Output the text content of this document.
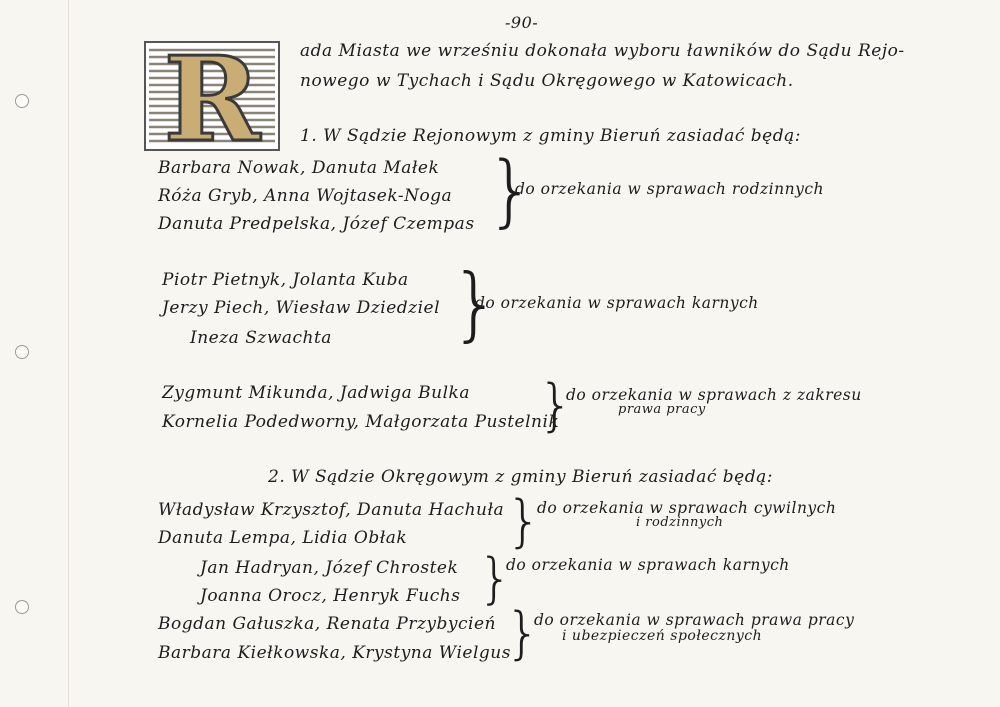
-90-
R ada Miasta we wrześniu dokonała wyboru ławników do Sądu Rejo-
nowego w Tychach i Sądu Okręgowego w Katowicach.
1. W Sądzie Rejonowym z gminy Bieruń zasiadać będą:
Barbara Nowak, Danuta Małek
Róża Gryb, Anna Wojtasek-Noga
Danuta Predpelska, Józef Czempas }
do orzekania w sprawach rodzinnych
Piotr Pietnyk, Jolanta Kuba
Jerzy Piech, Wiesław Dziedziel
Ineza Szwachta }
do orzekania w sprawach karnych
Zygmunt Mikunda, Jadwiga Bulka
Kornelia Podedworny, Małgorzata Pustelnik
}
do orzekania w sprawach z zakresu
prawa pracy
2. W Sądzie Okręgowym z gminy Bieruń zasiadać będą:
Władysław Krzysztof, Danuta Hachuła
Danuta Lempa, Lidia Obłak }
do orzekania w sprawach cywilnych
i rodzinnych
Jan Hadryan, Józef Chrostek
Joanna Orocz, Henryk Fuchs }
do orzekania w sprawach karnych
Bogdan Gałuszka, Renata Przybycień
Barbara Kiełkowska, Krystyna Wielgus
}
do orzekania w sprawach prawa pracy
i ubezpieczeń społecznych
